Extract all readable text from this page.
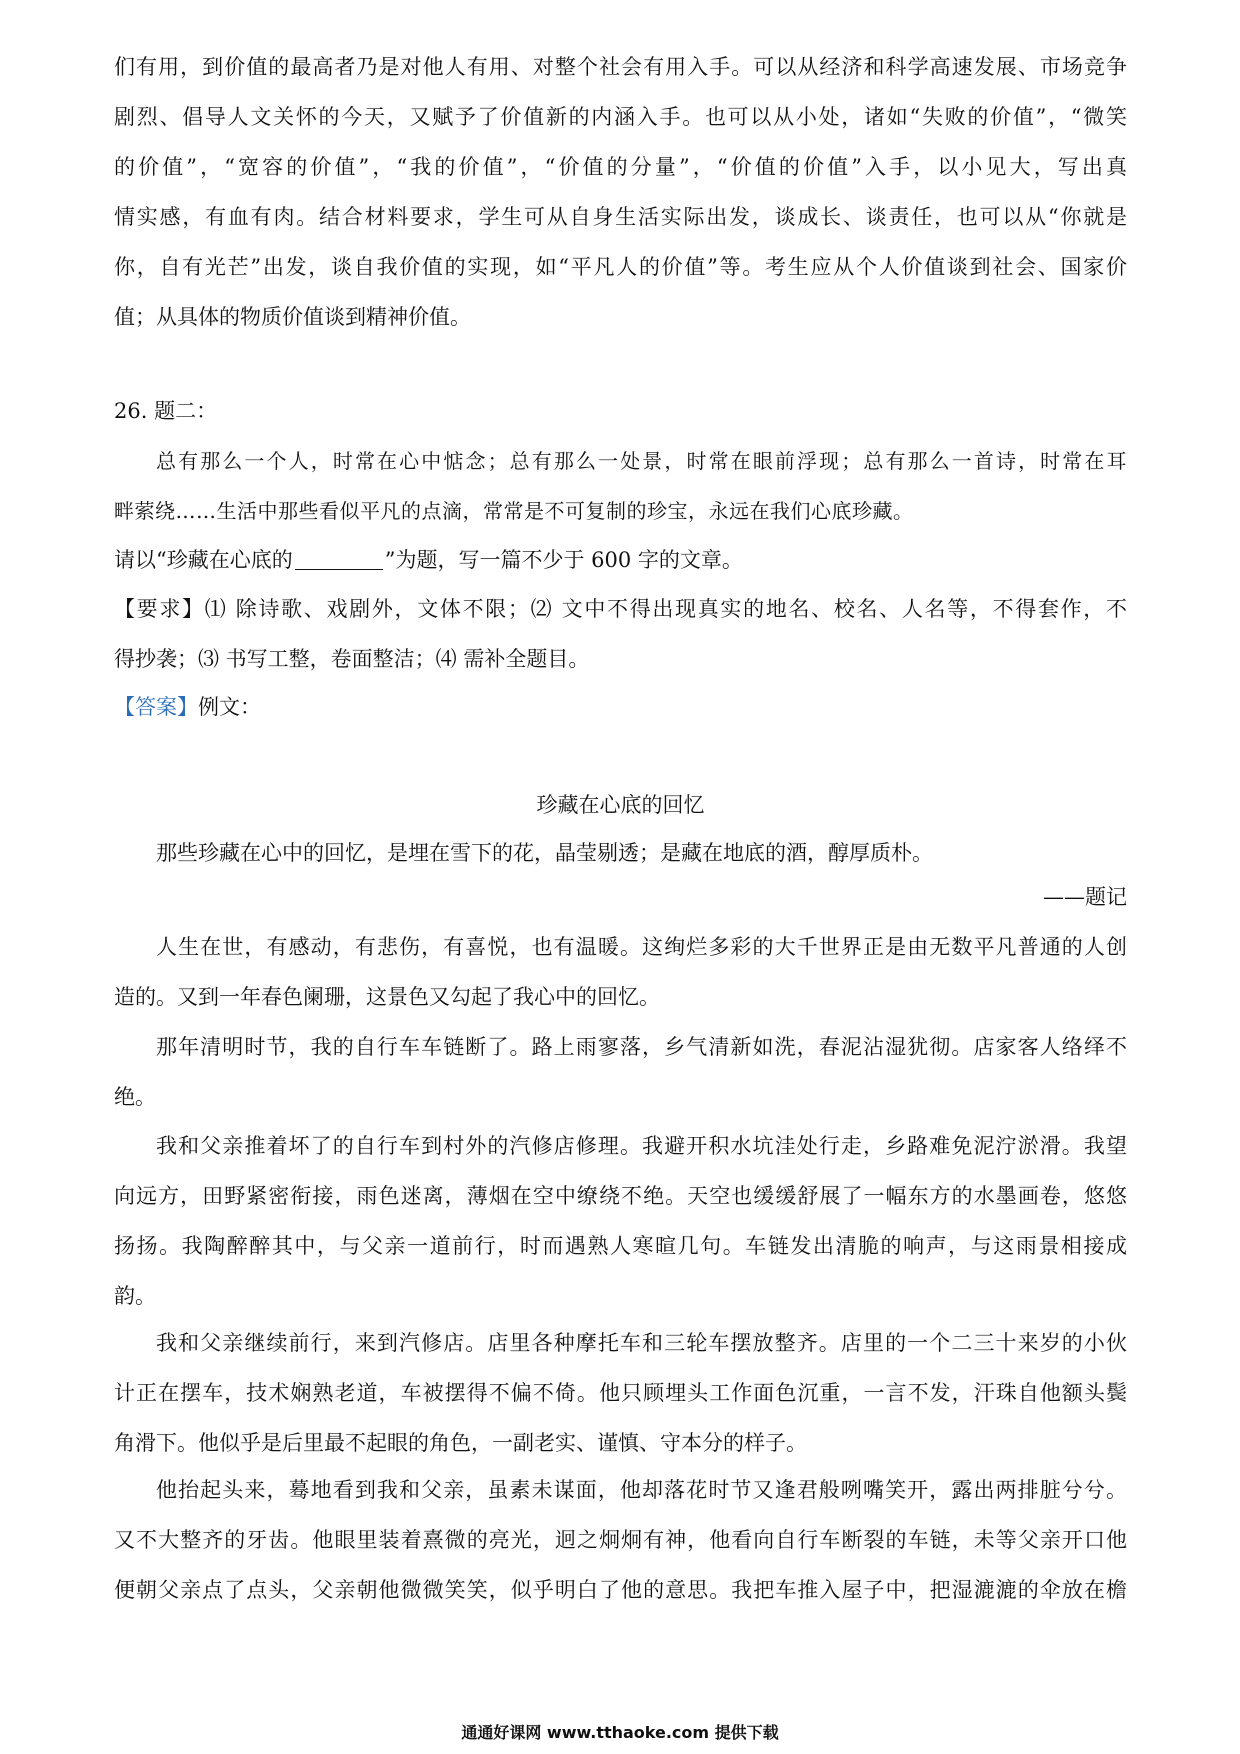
们有用，到价值的最高者乃是对他人有用、对整个社会有用入手。可以从经济和科学高速发展、市场竞争
剧烈、倡导人文关怀的今天，又赋予了价值新的内涵入手。也可以从小处，诸如“失败的价值”，“微笑
的价值”，“宽容的价值”，“我的价值”，“价值的分量”，“价值的价值”入手，以小见大，写出真
情实感，有血有肉。结合材料要求，学生可从自身生活实际出发，谈成长、谈责任，也可以从“你就是
你，自有光芒”出发，谈自我价值的实现，如“平凡人的价值”等。考生应从个人价值谈到社会、国家价
值；从具体的物质价值谈到精神价值。
26. 题二：
总有那么一个人，时常在心中惦念；总有那么一处景，时常在眼前浮现；总有那么一首诗，时常在耳
畔萦绕……生活中那些看似平凡的点滴，常常是不可复制的珍宝，永远在我们心底珍藏。
请以“珍藏在心底的	”为题，写一篇不少于 600 字的文章。
【要求】⑴ 除诗歌、戏剧外，文体不限；⑵ 文中不得出现真实的地名、校名、人名等，不得套作，不
得抄袭；⑶ 书写工整，卷面整洁；⑷ 需补全题目。
【答案】例文：
珍藏在心底的回忆
那些珍藏在心中的回忆，是埋在雪下的花，晶莹剔透；是藏在地底的酒，醇厚质朴。
——题记
人生在世，有感动，有悲伤，有喜悦，也有温暖。这绚烂多彩的大千世界正是由无数平凡普通的人创
造的。又到一年春色阑珊，这景色又勾起了我心中的回忆。
那年清明时节，我的自行车车链断了。路上雨寥落，乡气清新如洗，春泥沾湿犹彻。店家客人络绎不
绝。
我和父亲推着坏了的自行车到村外的汽修店修理。我避开积水坑洼处行走，乡路难免泥泞淤滑。我望
向远方，田野紧密衔接，雨色迷离，薄烟在空中缭绕不绝。天空也缓缓舒展了一幅东方的水墨画卷，悠悠
扬扬。我陶醉醉其中，与父亲一道前行，时而遇熟人寒暄几句。车链发出清脆的响声，与这雨景相接成
韵。
我和父亲继续前行，来到汽修店。店里各种摩托车和三轮车摆放整齐。店里的一个二三十来岁的小伙
计正在摆车，技术娴熟老道，车被摆得不偏不倚。他只顾埋头工作面色沉重，一言不发，汗珠自他额头鬓
角滑下。他似乎是后里最不起眼的角色，一副老实、谨慎、守本分的样子。
他抬起头来，蓦地看到我和父亲，虽素未谋面，他却落花时节又逢君般咧嘴笑开，露出两排脏兮兮。
又不大整齐的牙齿。他眼里装着熹微的亮光，迥之炯炯有神，他看向自行车断裂的车链，未等父亲开口他
便朝父亲点了点头，父亲朝他微微笑笑，似乎明白了他的意思。我把车推入屋子中，把湿漉漉的伞放在檐
通通好课网 www.tthaoke.com 提供下载
